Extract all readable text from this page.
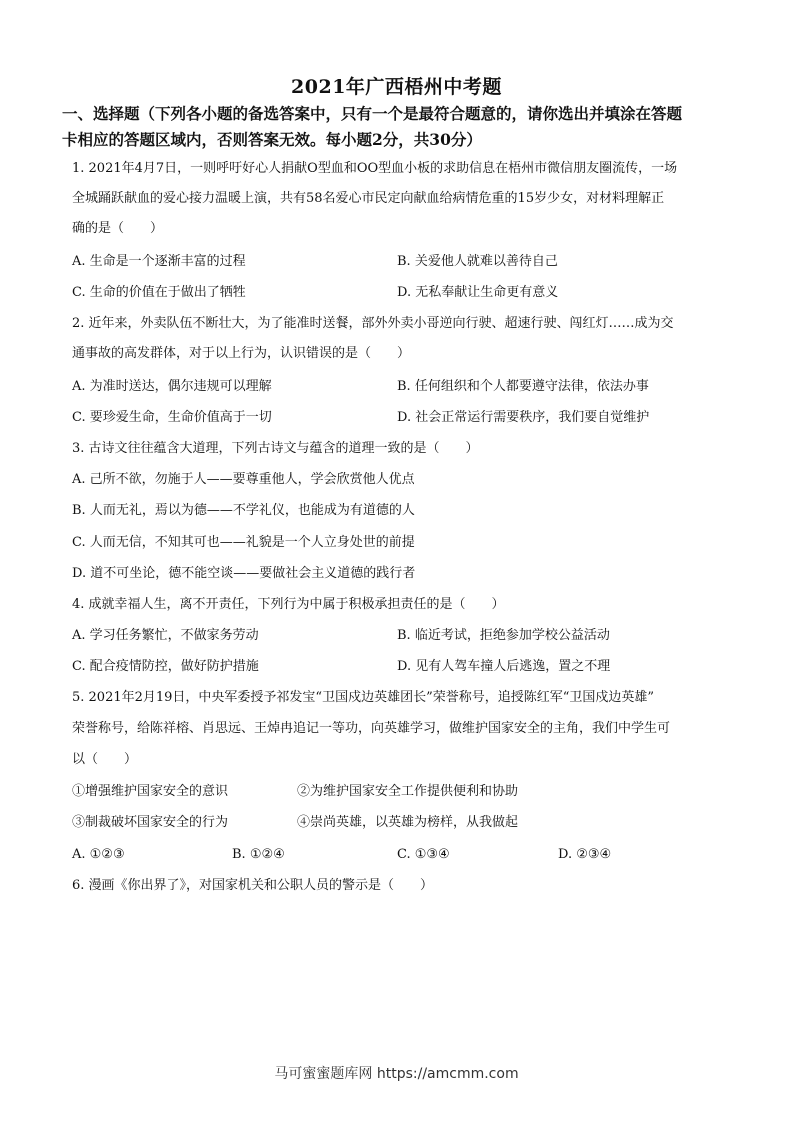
2021年广西梧州中考题
一、选择题（下列各小题的备选答案中，只有一个是最符合题意的，请你选出并填涂在答题
卡相应的答题区域内，否则答案无效。每小题2分，共30分）
1. 2021年4月7日，一则呼吁好心人捐献O型血和OO型血小板的求助信息在梧州市微信朋友圈流传，一场
全城踊跃献血的爱心接力温暖上演，共有58名爱心市民定向献血给病情危重的15岁少女，对材料理解正
确的是（　　）
A. 生命是一个逐渐丰富的过程	B. 关爱他人就难以善待自己
C. 生命的价值在于做出了牺牲	D. 无私奉献让生命更有意义
2. 近年来，外卖队伍不断壮大，为了能准时送餐，部外外卖小哥逆向行驶、超速行驶、闯红灯……成为交
通事故的高发群体，对于以上行为，认识错误的是（　　）
A. 为准时送达，偶尔违规可以理解	B. 任何组织和个人都要遵守法律，依法办事
C. 要珍爱生命，生命价值高于一切	D. 社会正常运行需要秩序，我们要自觉维护
3. 古诗文往往蕴含大道理，下列古诗文与蕴含的道理一致的是（　　）
A. 己所不欲，勿施于人——要尊重他人，学会欣赏他人优点
B. 人而无礼，焉以为德——不学礼仪，也能成为有道德的人
C. 人而无信，不知其可也——礼貌是一个人立身处世的前提
D. 道不可坐论，德不能空谈——要做社会主义道德的践行者
4. 成就幸福人生，离不开责任，下列行为中属于积极承担责任的是（　　）
A. 学习任务繁忙，不做家务劳动	B. 临近考试，拒绝参加学校公益活动
C. 配合疫情防控，做好防护措施	D. 见有人驾车撞人后逃逸，置之不理
5. 2021年2月19日，中央军委授予祁发宝“卫国戍边英雄团长”荣誉称号，追授陈红军“卫国戍边英雄”
荣誉称号，给陈祥榕、肖思远、王焯冉追记一等功，向英雄学习，做维护国家安全的主角，我们中学生可
以（　　）
①增强维护国家安全的意识	②为维护国家安全工作提供便利和协助
③制裁破坏国家安全的行为	④崇尚英雄，以英雄为榜样，从我做起
A. ①②③	B. ①②④	C. ①③④	D. ②③④
6. 漫画《你出界了》，对国家机关和公职人员的警示是（　　）
马可蜜蜜题库网 https://amcmm.com
